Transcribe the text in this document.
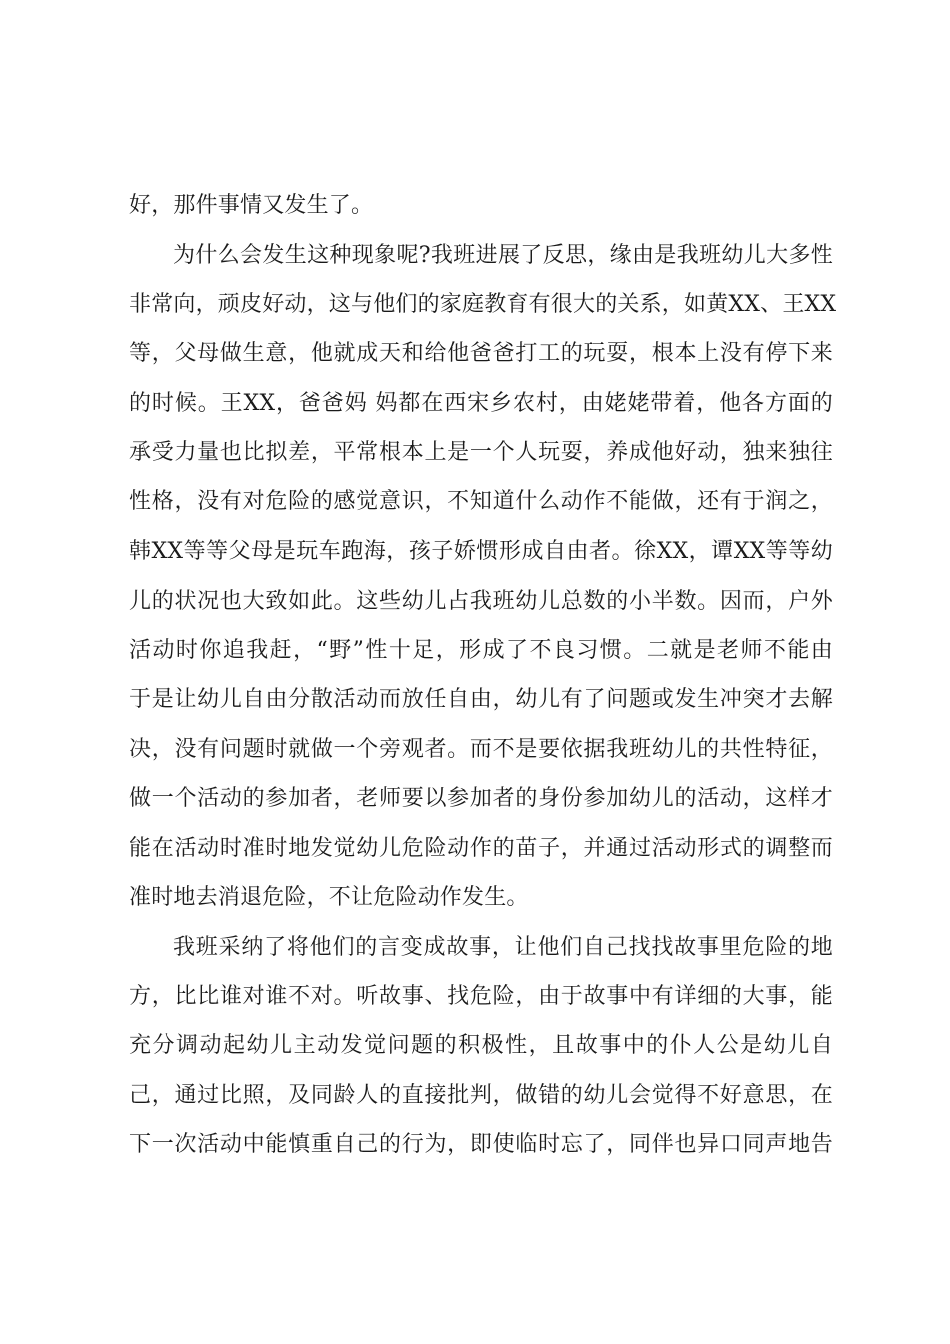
好，那件事情又发生了。
为什么会发生这种现象呢?我班进展了反思，缘由是我班幼儿大多性
非常向，顽皮好动，这与他们的家庭教育有很大的关系，如黄XX、王XX
等，父母做生意，他就成天和给他爸爸打工的玩耍，根本上没有停下来
的时候。王XX，爸爸妈 妈都在西宋乡农村，由姥姥带着，他各方面的
承受力量也比拟差，平常根本上是一个人玩耍，养成他好动，独来独往
性格，没有对危险的感觉意识，不知道什么动作不能做，还有于润之，
韩XX等等父母是玩车跑海，孩子娇惯形成自由者。徐XX，谭XX等等幼
儿的状况也大致如此。这些幼儿占我班幼儿总数的小半数。因而，户外
活动时你追我赶，“野”性十足，形成了不良习惯。二就是老师不能由
于是让幼儿自由分散活动而放任自由，幼儿有了问题或发生冲突才去解
决，没有问题时就做一个旁观者。而不是要依据我班幼儿的共性特征，
做一个活动的参加者，老师要以参加者的身份参加幼儿的活动，这样才
能在活动时准时地发觉幼儿危险动作的苗子，并通过活动形式的调整而
准时地去消退危险，不让危险动作发生。
我班采纳了将他们的言变成故事，让他们自己找找故事里危险的地
方，比比谁对谁不对。听故事、找危险，由于故事中有详细的大事，能
充分调动起幼儿主动发觉问题的积极性，且故事中的仆人公是幼儿自
己，通过比照，及同龄人的直接批判，做错的幼儿会觉得不好意思，在
下一次活动中能慎重自己的行为，即使临时忘了，同伴也异口同声地告
